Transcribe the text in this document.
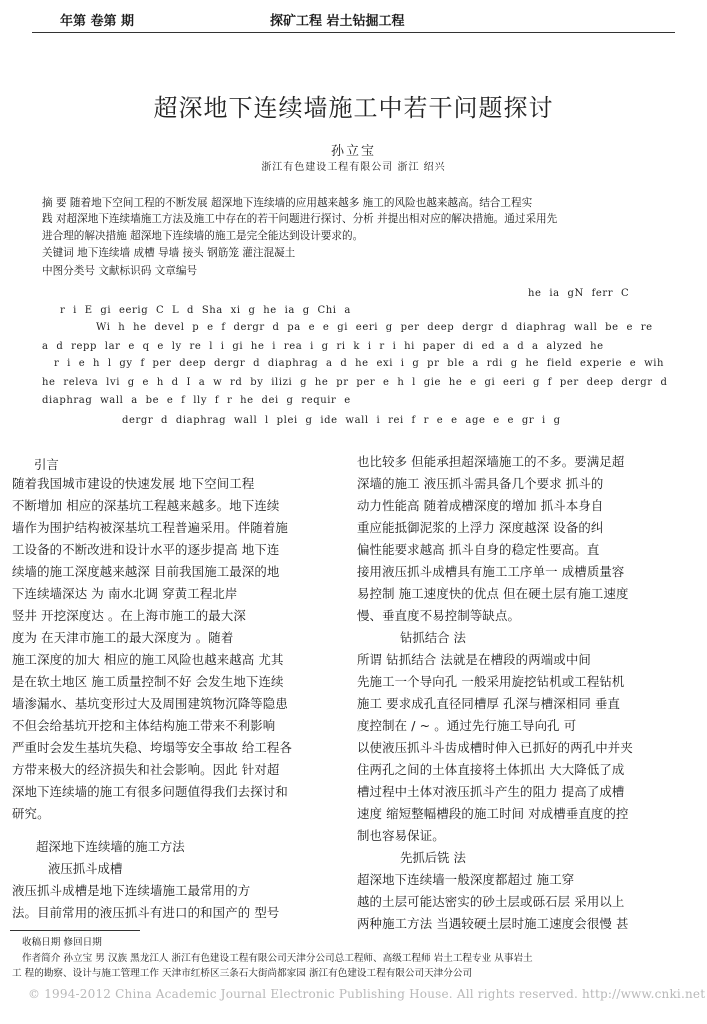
年第 卷第 期	探矿工程 岩土钻掘工程
超深地下连续墙施工中若干问题探讨
孙立宝
浙江有色建设工程有限公司 浙江 绍兴
摘 要 随着地下空间工程的不断发展 超深地下连续墙的应用越来越多 施工的风险也越来越高。结合工程实
践 对超深地下连续墙施工方法及施工中存在的若干问题进行探讨、分析 并提出相对应的解决措施。通过采用先
进合理的解决措施 超深地下连续墙的施工是完全能达到设计要求的。
关键词 地下连续墙 成槽 导墙 接头 钢筋笼 灌注混凝土
中图分类号 文献标识码 文章编号
he ia gN ferr C
r i E gi eerig C L d Sha xi g he ia g Chi a
Wi h he devel p e f dergr d pa e e gi eeri g per deep dergr d diaphrag wall be e re
a d repp lar e q e ly re l i gi he i rea i g ri k i r i hi paper di ed a d a alyzed he
r i e h l gy f per deep dergr d diaphrag a d he exi i g pr ble a rdi g he field experie e wih
he releva lvi g e h d I a w rd by ilizi g he pr per e h l gie he e gi eeri g f per deep dergr d
diaphrag wall a be e f lly f r he dei g requir e
dergr d diaphrag wall l plei g ide wall i rei f r e e age e e gr i g
引言
随着我国城市建设的快速发展 地下空间工程
不断增加 相应的深基坑工程越来越多。地下连续
墙作为围护结构被深基坑工程普遍采用。伴随着施
工设备的不断改进和设计水平的逐步提高 地下连
续墙的施工深度越来越深 目前我国施工最深的地
下连续墙深达 为 南水北调 穿黄工程北岸
竖井 开挖深度达 。在上海市施工的最大深
度为 在天津市施工的最大深度为 。随着
施工深度的加大 相应的施工风险也越来越高 尤其
是在软土地区 施工质量控制不好 会发生地下连续
墙渗漏水、基坑变形过大及周围建筑物沉降等隐患
不但会给基坑开挖和主体结构施工带来不利影响
严重时会发生基坑失稳、垮塌等安全事故 给工程各
方带来极大的经济损失和社会影响。因此 针对超
深地下连续墙的施工有很多问题值得我们去探讨和
研究。
超深地下连续墙的施工方法
液压抓斗成槽
液压抓斗成槽是地下连续墙施工最常用的方
法。目前常用的液压抓斗有进口的和国产的 型号
也比较多 但能承担超深墙施工的不多。要满足超
深墙的施工 液压抓斗需具备几个要求 抓斗的
动力性能高 随着成槽深度的增加 抓斗本身自
重应能抵御泥浆的上浮力 深度越深 设备的纠
偏性能要求越高 抓斗自身的稳定性要高。直
接用液压抓斗成槽具有施工工序单一 成槽质量容
易控制 施工速度快的优点 但在硬土层有施工速度
慢、垂直度不易控制等缺点。
钻抓结合 法
所谓 钻抓结合 法就是在槽段的两端或中间
先施工一个导向孔 一般采用旋挖钻机或工程钻机
施工 要求成孔直径同槽厚 孔深与槽深相同 垂直
度控制在 / ~ 。通过先行施工导向孔 可
以使液压抓斗斗齿成槽时伸入已抓好的两孔中并夹
住两孔之间的土体直接将土体抓出 大大降低了成
槽过程中土体对液压抓斗产生的阻力 提高了成槽
速度 缩短整幅槽段的施工时间 对成槽垂直度的控
制也容易保证。
先抓后铣 法
超深地下连续墙一般深度都超过 施工穿
越的土层可能达密实的砂土层或砾石层 采用以上
两种施工方法 当遇较硬土层时施工速度会很慢 甚
收稿日期 修回日期
作者简介 孙立宝 男 汉族 黑龙江人 浙江有色建设工程有限公司天津分公司总工程师、高级工程师 岩土工程专业 从事岩土
工 程的勘察、设计与施工管理工作 天津市红桥区三条石大街尚都家园 浙江有色建设工程有限公司天津分公司
© 1994-2012 China Academic Journal Electronic Publishing House. All rights reserved. http://www.cnki.net
